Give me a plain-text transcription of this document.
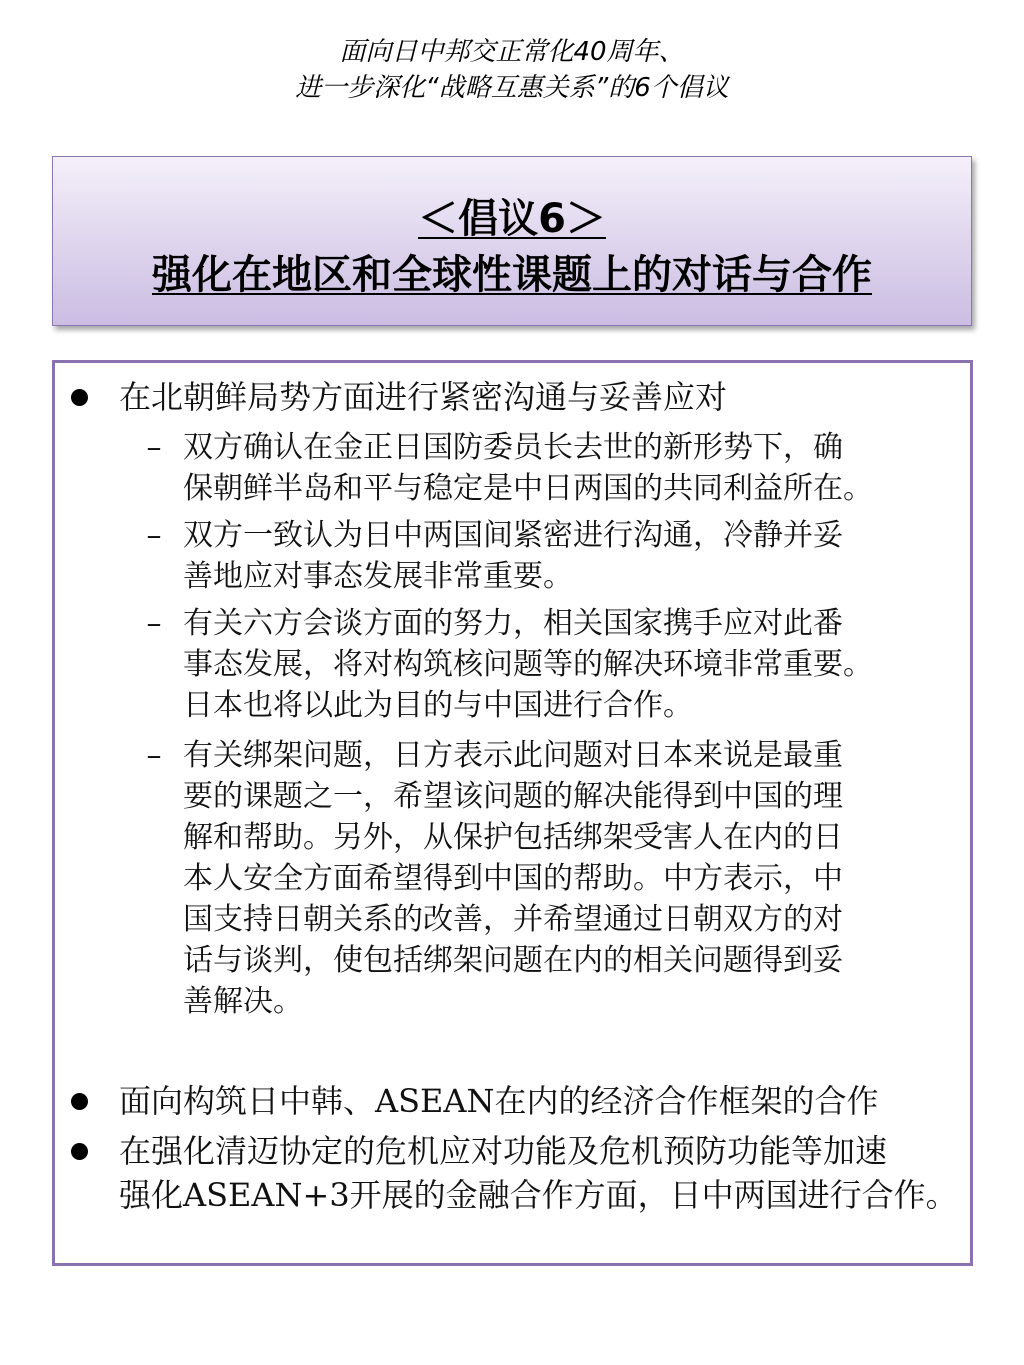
面向日中邦交正常化40周年、
进一步深化“战略互惠关系”的6个倡议
＜倡议6＞
强化在地区和全球性课题上的对话与合作
在北朝鲜局势方面进行紧密沟通与妥善应对
– 双方确认在金正日国防委员长去世的新形势下，确
保朝鲜半岛和平与稳定是中日两国的共同利益所在。
– 双方一致认为日中两国间紧密进行沟通，冷静并妥
善地应对事态发展非常重要。
– 有关六方会谈方面的努力，相关国家携手应对此番
事态发展，将对构筑核问题等的解决环境非常重要。
日本也将以此为目的与中国进行合作。
– 有关绑架问题，日方表示此问题对日本来说是最重
要的课题之一，希望该问题的解决能得到中国的理
解和帮助。另外，从保护包括绑架受害人在内的日
本人安全方面希望得到中国的帮助。中方表示，中
国支持日朝关系的改善，并希望通过日朝双方的对
话与谈判，使包括绑架问题在内的相关问题得到妥
善解决。
面向构筑日中韩、ASEAN在内的经济合作框架的合作
在强化清迈协定的危机应对功能及危机预防功能等加速
强化ASEAN+3开展的金融合作方面，日中两国进行合作。
